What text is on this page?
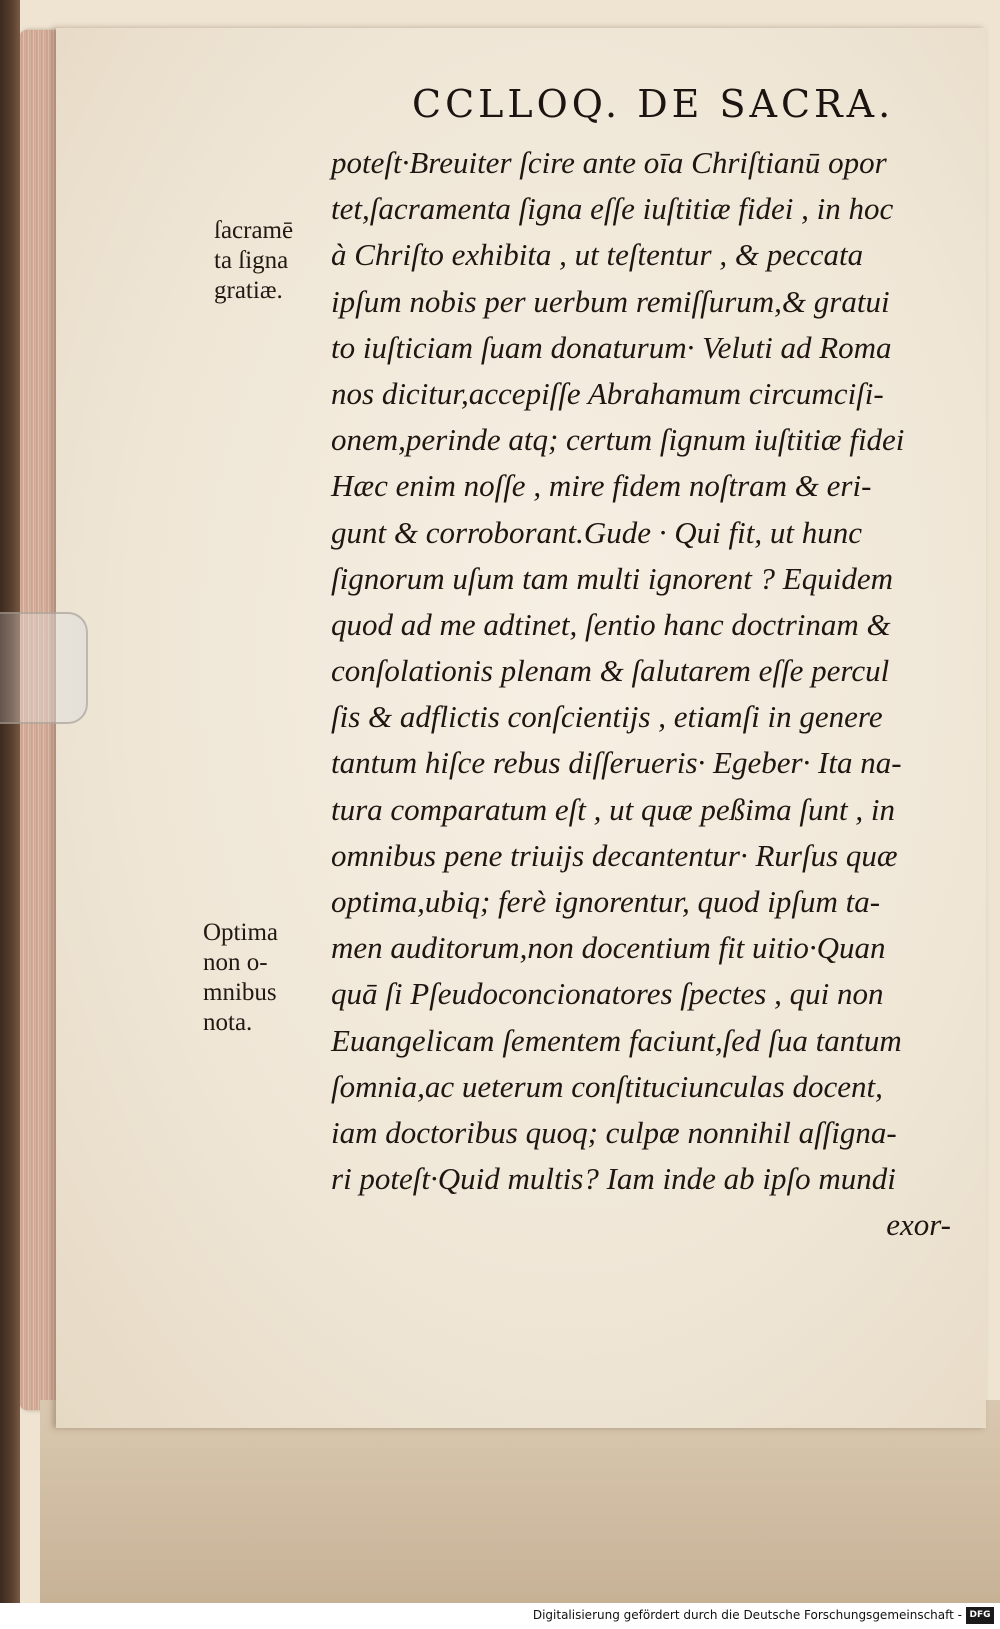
CCLLOQ. DE SACRA.
ſacramē
ta ſigna
gratiæ.
Optima
non o-
mnibus
nota.
poteſt·Breuiter ſcire ante oīa Chriſtianū opor
tet,ſacramenta ſigna eſſe iuſtitiæ fidei , in hoc
à Chriſto exhibita , ut teſtentur , & peccata
ipſum nobis per uerbum remiſſurum,& gratui
to iuſticiam ſuam donaturum· Veluti ad Roma
nos dicitur,accepiſſe Abrahamum circumciſi-
onem,perinde atq; certum ſignum iuſtitiæ fidei
Hæc enim noſſe , mire fidem noſtram & eri-
gunt & corroborant.Gude · Qui fit, ut hunc
ſignorum uſum tam multi ignorent ? Equidem
quod ad me adtinet, ſentio hanc doctrinam &
conſolationis plenam & ſalutarem eſſe percul
ſis & adflictis conſcientijs , etiamſi in genere
tantum hiſce rebus diſſerueris· Egeber· Ita na-
tura comparatum eſt , ut quæ peßima ſunt , in
omnibus pene triuijs decantentur· Rurſus quæ
optima,ubiq; ferè ignorentur, quod ipſum ta-
men auditorum,non docentium fit uitio·Quan
quā ſi Pſeudoconcionatores ſpectes , qui non
Euangelicam ſementem faciunt,ſed ſua tantum
ſomnia,ac ueterum conſtituciunculas docent,
iam doctoribus quoq; culpæ nonnihil aſſigna-
ri poteſt·Quid multis? Iam inde ab ipſo mundi
exor-
Digitalisierung gefördert durch die Deutsche Forschungsgemeinschaft - DFG
